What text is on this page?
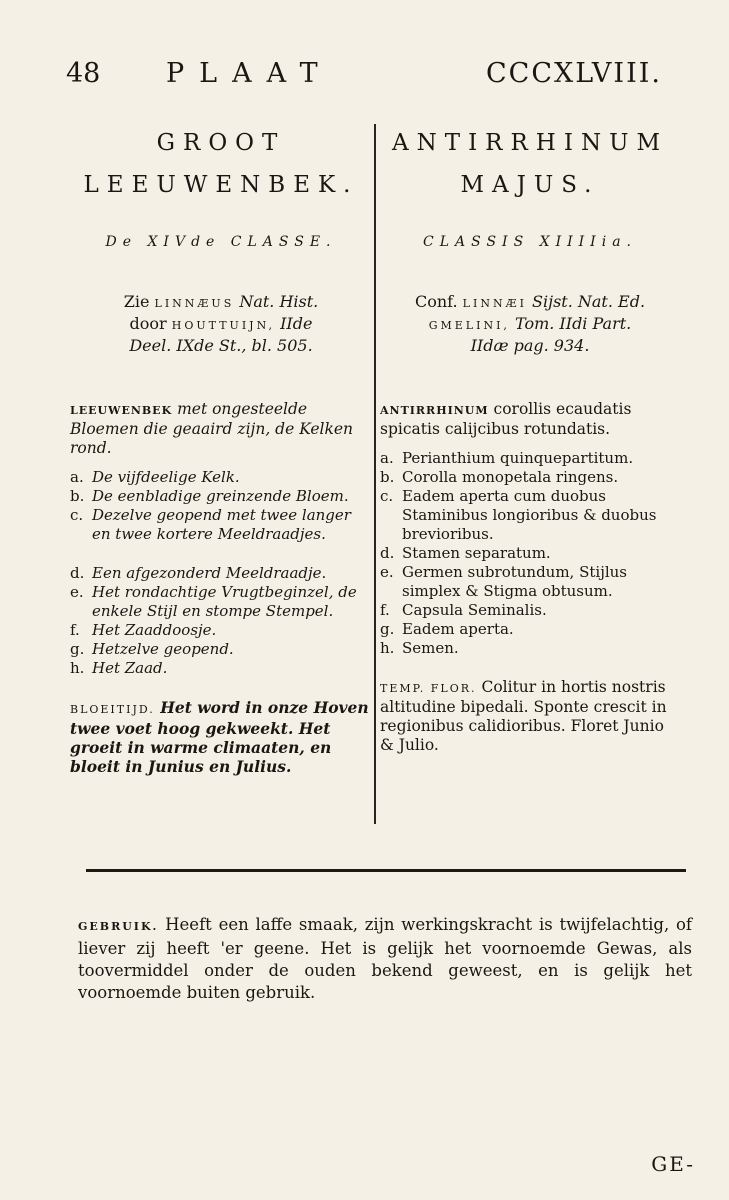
48 PLAAT	CCCXLVIII.

GROOT

LEEUWENBEK.

De XIVde CLASSE.
Zie LINNÆUS Nat. Hist.
door HOUTTUIJN, IIde
Deel. IXde St., bl. 505.
LEEUWENBEK met ongesteelde Bloemen die geaaird zijn, de Kelken rond.
a. De vijfdeelige Kelk.
b. De eenbladige greinzende Bloem.
c. Dezelve geopend met twee langer en twee kortere Meeldraadjes.
d. Een afgezonderd Meeldraadje.
e. Het rondachtige Vrugtbeginzel, de enkele Stijl en stompe Stempel.
f. Het Zaaddoosje.
g. Hetzelve geopend.
h. Het Zaad.
BLOEITIJD. Het word in onze Hoven twee voet hoog gekweekt. Het groeit in warme climaaten, en bloeit in Junius en Julius.

ANTIRRHINUM

MAJUS.

CLASSIS XIIIIia.
Conf. LINNÆI Sijst. Nat. Ed.
GMELINI, Tom. IIdi Part.
IIdæ pag. 934.
ANTIRRHINUM corollis ecaudatis spicatis calijcibus rotundatis.
a. Perianthium quinquepartitum.
b. Corolla monopetala ringens.
c. Eadem aperta cum duobus Staminibus longioribus & duobus brevioribus.
d. Stamen separatum.
e. Germen subrotundum, Stijlus simplex & Stigma obtusum.
f. Capsula Seminalis.
g. Eadem aperta.
h. Semen.
TEMP. FLOR. Colitur in hortis nostris altitudine bipedali. Sponte crescit in regionibus calidioribus. Floret Junio & Julio.
GEBRUIK. Heeft een laffe smaak, zijn werkingskracht is twijfelachtig, of liever zij heeft 'er geene. Het is gelijk het voornoemde Gewas, als toovermiddel onder de ouden bekend geweest, en is gelijk het voornoemde buiten gebruik.
GE-
